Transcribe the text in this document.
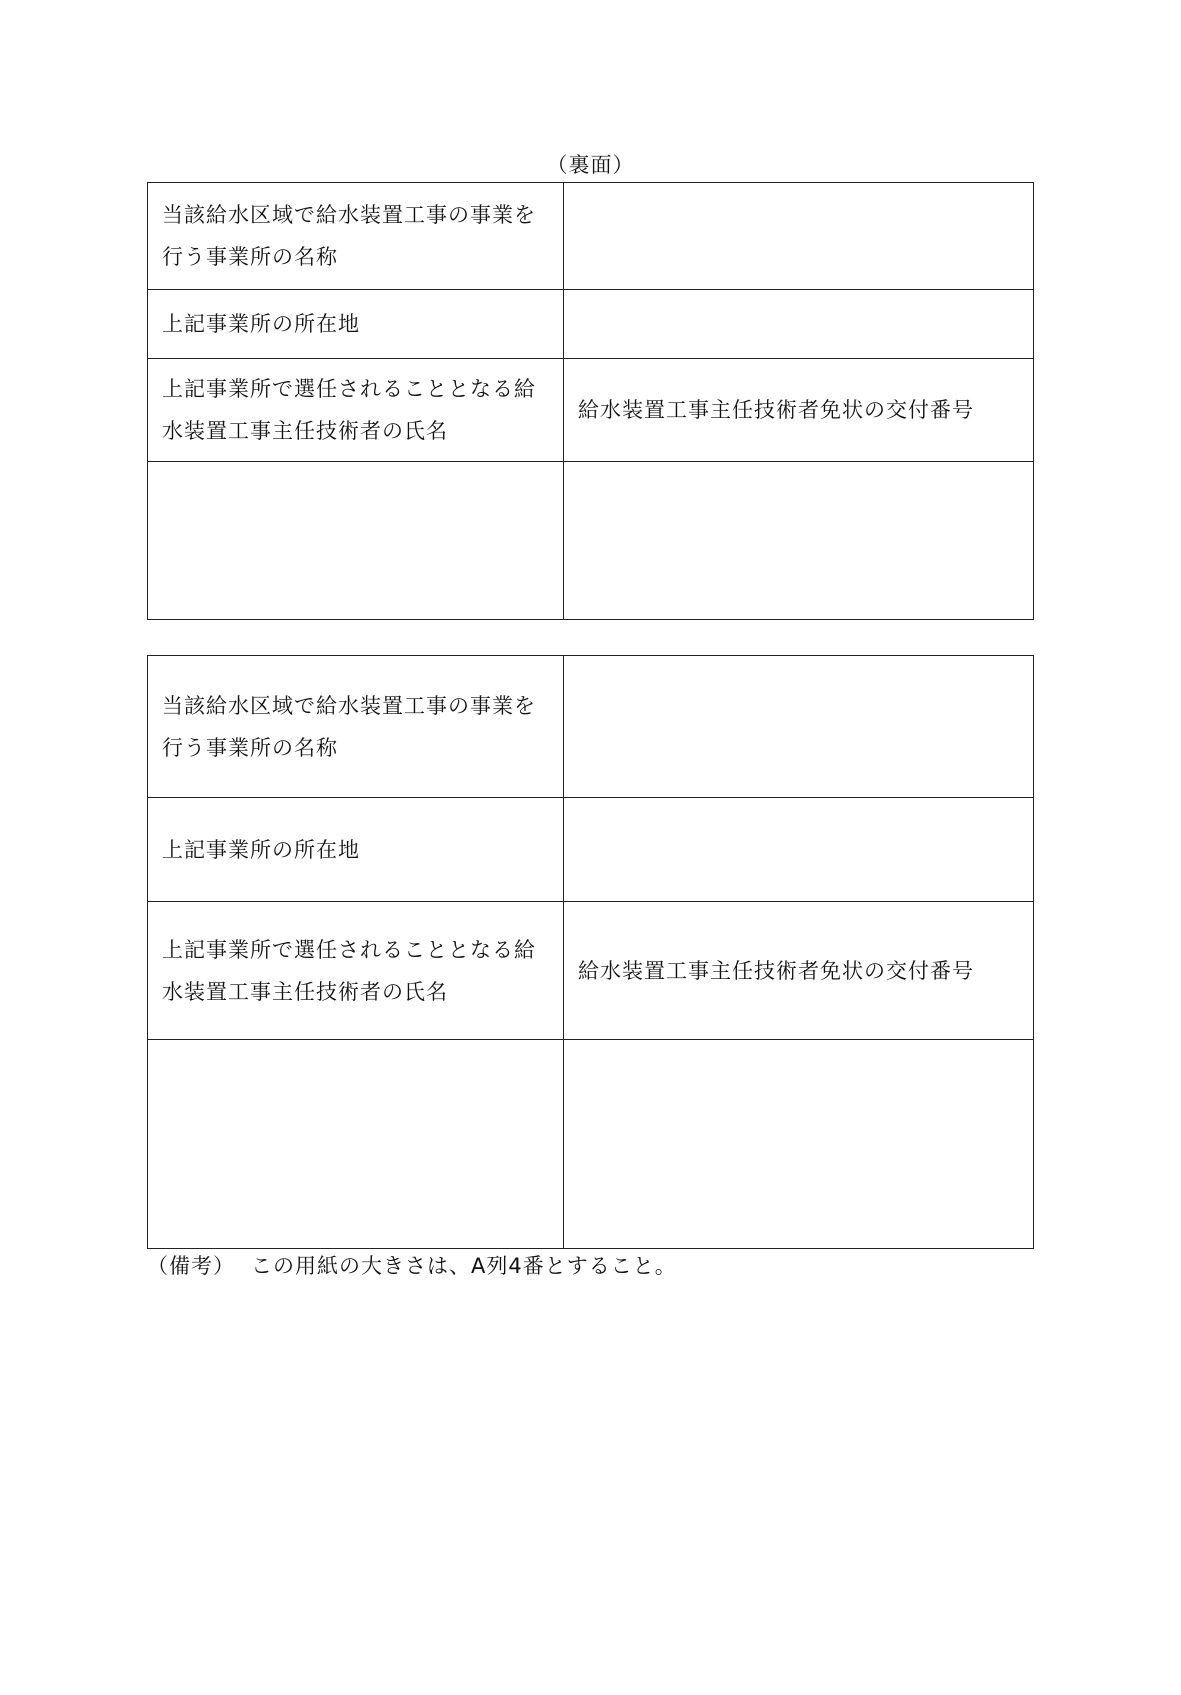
（裏面）
当該給水区域で給水装置工事の事業を行う事業所の名称	
上記事業所の所在地	
上記事業所で選任されることとなる給水装置工事主任技術者の氏名	給水装置工事主任技術者免状の交付番号

当該給水区域で給水装置工事の事業を行う事業所の名称	
上記事業所の所在地	
上記事業所で選任されることとなる給水装置工事主任技術者の氏名	給水装置工事主任技術者免状の交付番号

（備考） この用紙の大きさは、A列4番とすること。
